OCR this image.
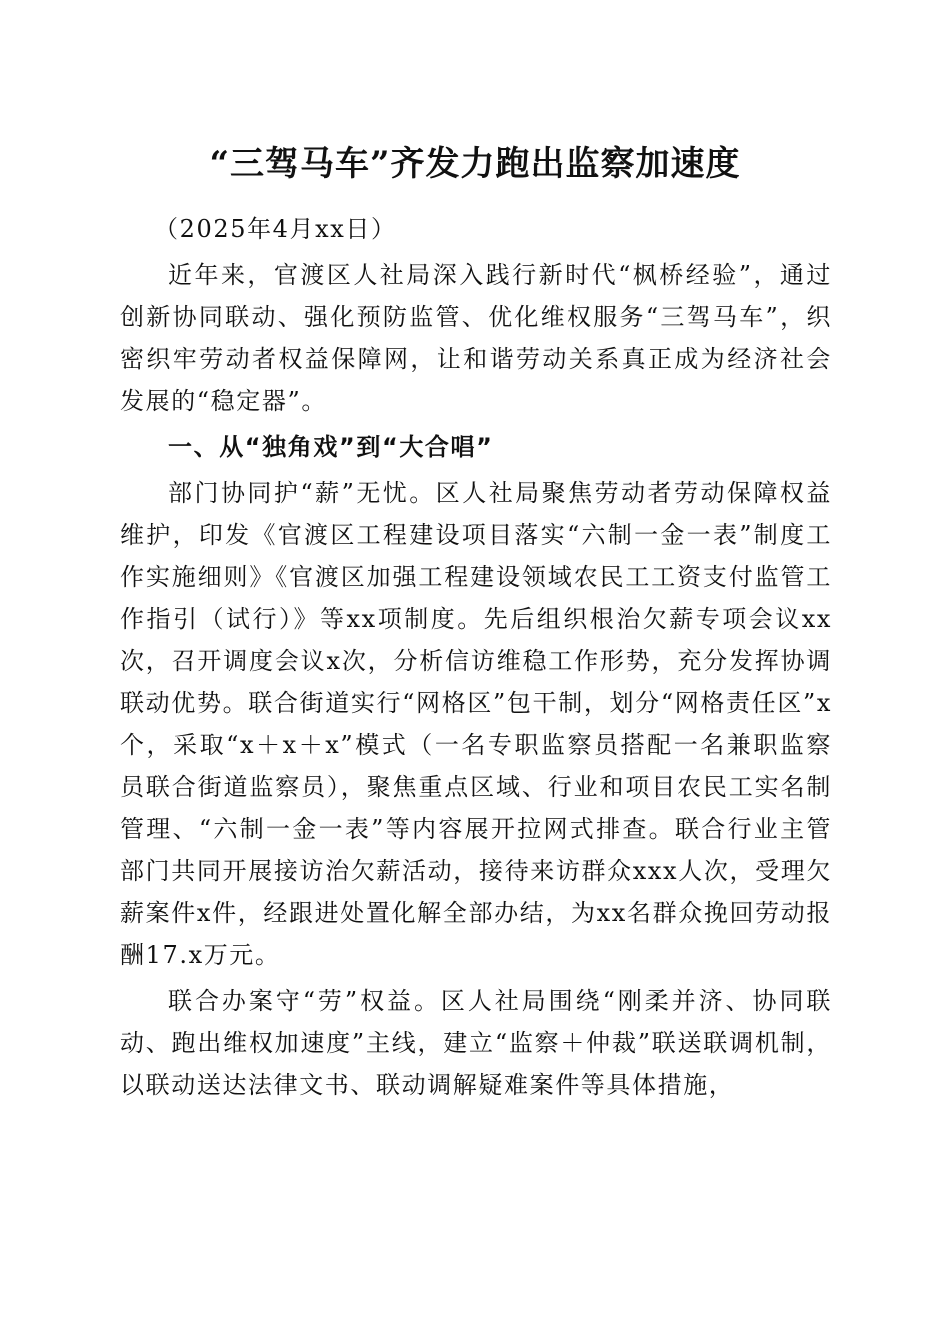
“三驾马车”齐发力跑出监察加速度

（2025年4月xx日）

近年来，官渡区人社局深入践行新时代“枫桥经验”，通过创新协同联动、强化预防监管、优化维权服务“三驾马车”，织密织牢劳动者权益保障网，让和谐劳动关系真正成为经济社会发展的“稳定器”。

一、从“独角戏”到“大合唱”

部门协同护“薪”无忧。区人社局聚焦劳动者劳动保障权益维护，印发《官渡区工程建设项目落实“六制一金一表”制度工作实施细则》《官渡区加强工程建设领域农民工工资支付监管工作指引（试行）》等xx项制度。先后组织根治欠薪专项会议xx次，召开调度会议x次，分析信访维稳工作形势，充分发挥协调联动优势。联合街道实行“网格区”包干制，划分“网格责任区”x个，采取“x＋x＋x”模式（一名专职监察员搭配一名兼职监察员联合街道监察员），聚焦重点区域、行业和项目农民工实名制管理、“六制一金一表”等内容展开拉网式排查。联合行业主管部门共同开展接访治欠薪活动，接待来访群众xxx人次，受理欠薪案件x件，经跟进处置化解全部办结，为xx名群众挽回劳动报酬17.x万元。

联合办案守“劳”权益。区人社局围绕“刚柔并济、协同联动、跑出维权加速度”主线，建立“监察＋仲裁”联送联调机制，以联动送达法律文书、联动调解疑难案件等具体措施，
